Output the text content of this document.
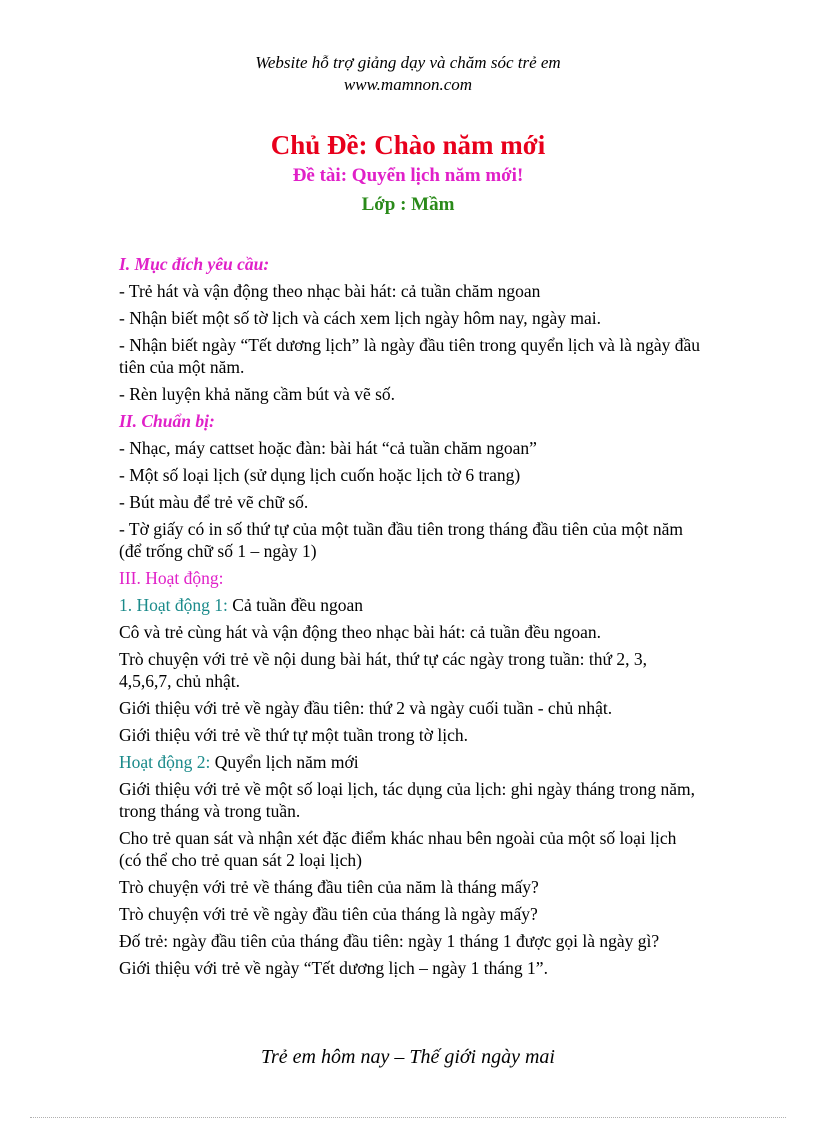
Website hỗ trợ giảng dạy và chăm sóc trẻ em
www.mamnon.com
Chủ Đề: Chào năm mới
Đề tài: Quyển lịch năm mới!
Lớp : Mầm

I. Mục đích yêu cầu:

- Trẻ hát và vận động theo nhạc bài hát: cả tuần chăm ngoan

- Nhận biết một số tờ lịch và cách xem lịch ngày hôm nay, ngày mai.

- Nhận biết ngày “Tết dương lịch” là ngày đầu tiên trong quyển lịch và là ngày đầu tiên của một năm.

- Rèn luyện khả năng cầm bút và vẽ số.

II. Chuẩn bị:

- Nhạc, máy cattset hoặc đàn: bài hát “cả tuần chăm ngoan”

- Một số loại lịch (sử dụng lịch cuốn hoặc lịch tờ 6 trang)

- Bút màu để trẻ vẽ chữ số.

- Tờ giấy có in số thứ tự của một tuần đầu tiên trong tháng đầu tiên của một năm (để trống chữ số 1 – ngày 1)

III. Hoạt động:

1. Hoạt động 1: Cả tuần đều ngoan

Cô và trẻ cùng hát và vận động theo nhạc bài hát: cả tuần đều ngoan.

Trò chuyện với trẻ về nội dung bài hát, thứ tự các ngày trong tuần: thứ 2, 3, 4,5,6,7, chủ nhật.

Giới thiệu với trẻ về ngày đầu tiên: thứ 2 và ngày cuối tuần - chủ nhật.

Giới thiệu với trẻ về thứ tự một tuần trong tờ lịch.

Hoạt động 2: Quyển lịch năm mới

Giới thiệu với trẻ về một số loại lịch, tác dụng của lịch: ghi ngày tháng trong năm, trong tháng và trong tuần.

Cho trẻ quan sát và nhận xét đặc điểm khác nhau bên ngoài của một số loại lịch (có thể cho trẻ quan sát 2 loại lịch)

Trò chuyện với trẻ về tháng đầu tiên của năm là tháng mấy?

Trò chuyện với trẻ về ngày đầu tiên của tháng là ngày mấy?

Đố trẻ: ngày đầu tiên của tháng đầu tiên: ngày 1 tháng 1 được gọi là ngày gì?

Giới thiệu với trẻ về ngày “Tết dương lịch – ngày 1 tháng 1”.

Trẻ em hôm nay – Thế giới ngày mai
